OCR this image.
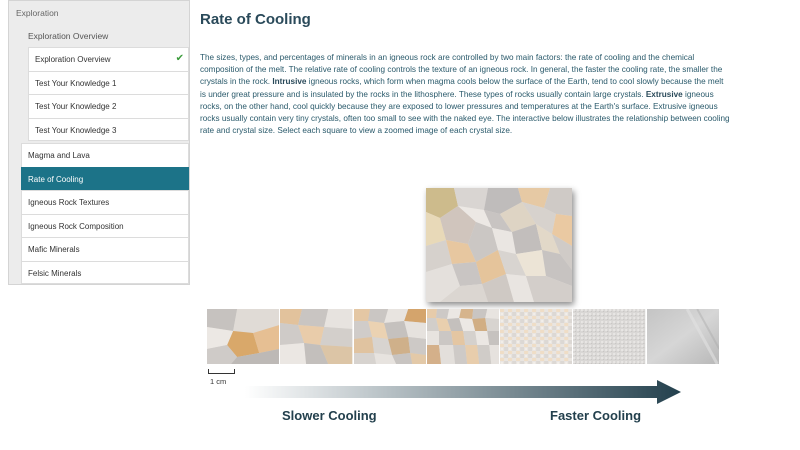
Exploration
Exploration Overview
Exploration Overview	✔
Test Your Knowledge 1
Test Your Knowledge 2
Test Your Knowledge 3
Magma and Lava
Rate of Cooling
Igneous Rock Textures
Igneous Rock Composition
Mafic Minerals
Felsic Minerals
Rate of Cooling

The sizes, types, and percentages of minerals in an igneous rock are controlled by two main factors: the rate of cooling and the chemical composition of the melt. The relative rate of cooling controls the texture of an igneous rock. In general, the faster the cooling rate, the smaller the crystals in the rock. Intrusive igneous rocks, which form when magma cools below the surface of the Earth, tend to cool slowly because the melt is under great pressure and is insulated by the rocks in the lithosphere. These types of rocks usually contain large crystals. Extrusive igneous rocks, on the other hand, cool quickly because they are exposed to lower pressures and temperatures at the Earth's surface. Extrusive igneous rocks usually contain very tiny crystals, often too small to see with the naked eye. The interactive below illustrates the relationship between cooling rate and crystal size. Select each square to view a zoomed image of each crystal size.

1 cm
Slower Cooling	Faster Cooling
